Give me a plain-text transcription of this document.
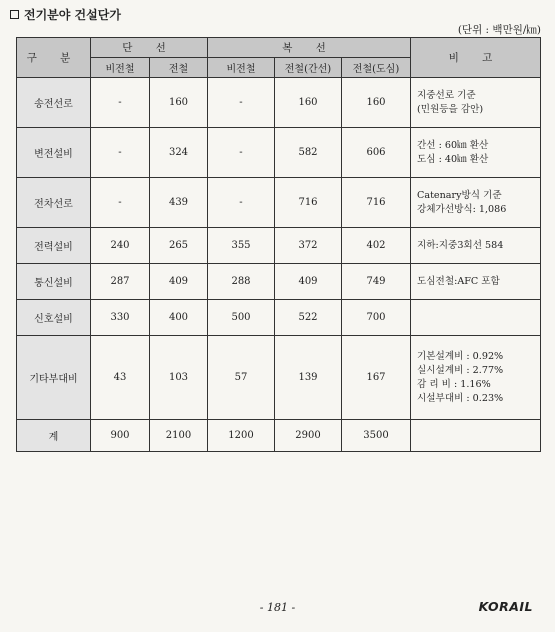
전기분야 건설단가
(단위 : 백만원/㎞)
구 분	단 선		복 선			비 고
	비전철	전철	비전철	전철(간선)	전철(도심)	
송전선로	-	160	-	160	160	지중선로 기준
(민원등을 감안)

변전설비	-	324	-	582	606	간선 : 60㎞ 환산
도심 : 40㎞ 환산

전차선로	-	439	-	716	716	Catenary방식 기준
강체가선방식: 1,086

전력설비	240	265	355	372	402	지하:지중3회선 584

통신설비	287	409	288	409	749	도심전철:AFC 포함

신호설비	330	400	500	522	700	
기타부대비	43	103	57	139	167	기본설계비 : 0.92%
실시설계비 : 2.77%
감 리 비 : 1.16%
시설부대비 : 0.23%

계	900	2100	1200	2900	3500	
- 181 -	KORAIL
